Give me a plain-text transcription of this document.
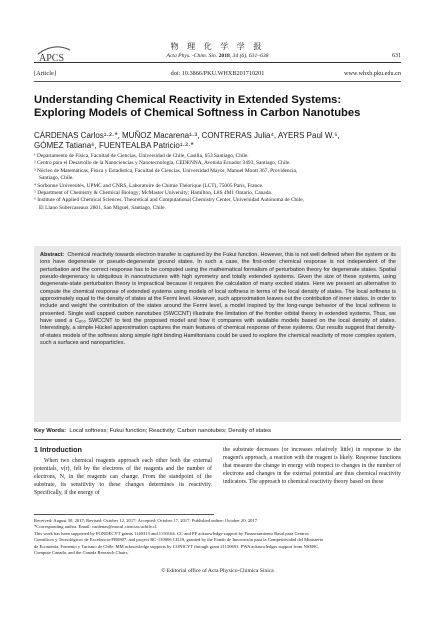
APCS
物 理 化 学 学 报
Acta Phys. -Chim. Sin. 2018, 34 (6), 631–638	631
[Article]	doi: 10.3866/PKU.WHXB201710201	www.whxb.pku.edu.cn
Understanding Chemical Reactivity in Extended Systems: Exploring Models of Chemical Softness in Carbon Nanotubes
CÁRDENAS Carlos¹·²·*, MUÑOZ Macarena¹·³, CONTRERAS Julia⁴, AYERS Paul W.⁵,
GÓMEZ Tatiana⁶, FUENTEALBA Patricio¹·²·*
¹ Departamento de Física, Facultad de Ciencias, Universidad de Chile, Casilla, 653 Santiago, Chile.
² Centro para el Desarrollo de la Nanociencias y Nanotecnología, CEDENNA, Avenida Ecuador 3493, Santiago, Chile.
³ Núcleo de Matemáticas, Física y Estadística, Facultad de Ciencias, Universidad Mayor, Manuel Montt 367, Providencia,
Santiago, Chile.
⁴ Sorbonne Universités, UPMC and CNRS, Laboratoire de Chimie Théorique (LCT), 75005 Paris, France.
⁵ Department of Chemistry & Chemical Biology; McMaster University; Hamilton, L8S 4M1 Ontario, Canada.
⁶ Institute of Applied Chemical Sciences, Theoretical and Computational Chemistry Center, Universidad Autónoma de Chile,
El Llano Subercaseaux 2801, San Miguel, Santiago, Chile.
Abstract: Chemical reactivity towards electron transfer is captured by the Fukui function. However, this is not well defined when the system or its ions have degenerate or pseudo-degenerate ground states. In such a case, the first-order chemical response is not independent of the perturbation and the correct response has to be computed using the mathematical formalism of perturbation theory for degenerate states. Spatial pseudo-degeneracy is ubiquitous in nanostructures with high symmetry and totally extended systems. Given the size of these systems, using degenerate-state perturbation theory is impractical because it requires the calculation of many excited states. Here we present an alternative to compute the chemical response of extended systems using models of local softness in terms of the local density of states. The local softness is approximately equal to the density of states at the Fermi level. However, such approximation leaves out the contribution of inner states. In order to include and weight the contribution of the states around the Fermi level, a model inspired by the long-range behavior of the local softness is presented. Single wall capped carbon nanotubes (SWCCNT) illustrate the limitation of the frontier orbital theory in extended systems. Thus, we have used a C₈₀₀ SWCCNT to test the proposed model and how it compares with available models based on the local density of states. Interestingly, a simple Hückel approximation captures the main features of chemical response of these systems. Our results suggest that density-of-states models of the softness along simple tight binding Hamiltonians could be used to explore the chemical reactivity of more complex system, such a surfaces and nanoparticles.
Key Words: Local softness; Fukui function; Reactivity; Carbon nanotubes; Density of states
1 Introduction
When two chemical reagents approach each other both the external potentials, v(r), felt by the electrons of the reagents and the number of electrons, N, in the reagents can change. From the standpoint of the substrate, its sensitivity to these changes determines its reactivity. Specifically, if the energy of
the substrate decreases (or increases relatively little) in response to the reagent's approach, a reaction with the reagent is likely. Response functions that measure the change in energy with respect to changes in the number of electrons and changes in the external potential are thus chemical reactivity indicators. The approach to chemical reactivity theory based on these
Received: August 30, 2017; Revised: October 12, 2017; Accepted: October 17, 2017; Published online: October 20, 2017.
*Corresponding author. Email: cardenas@macul.ciencias.uchile.cl.
This work has been supported by FONDECYT grants 1140313 and 1150164. CC and PF acknowledge support by Financiamiento Basal para Centros
Científicos y Tecnológicos de Excelencia-FB0807, and project RC-130006 CILIS, granted by the Fondo de Innovación para la Competitividad del Ministerio
de Economía, Fomento y Turismo de Chile. MM acknowledge supports by CONICYT through grant 21130691. PWA acknowledges support from NSERC,
Compute Canada, and the Canada Research Chairs.
© Editorial office of Acta Physico-Chimica Sinica
